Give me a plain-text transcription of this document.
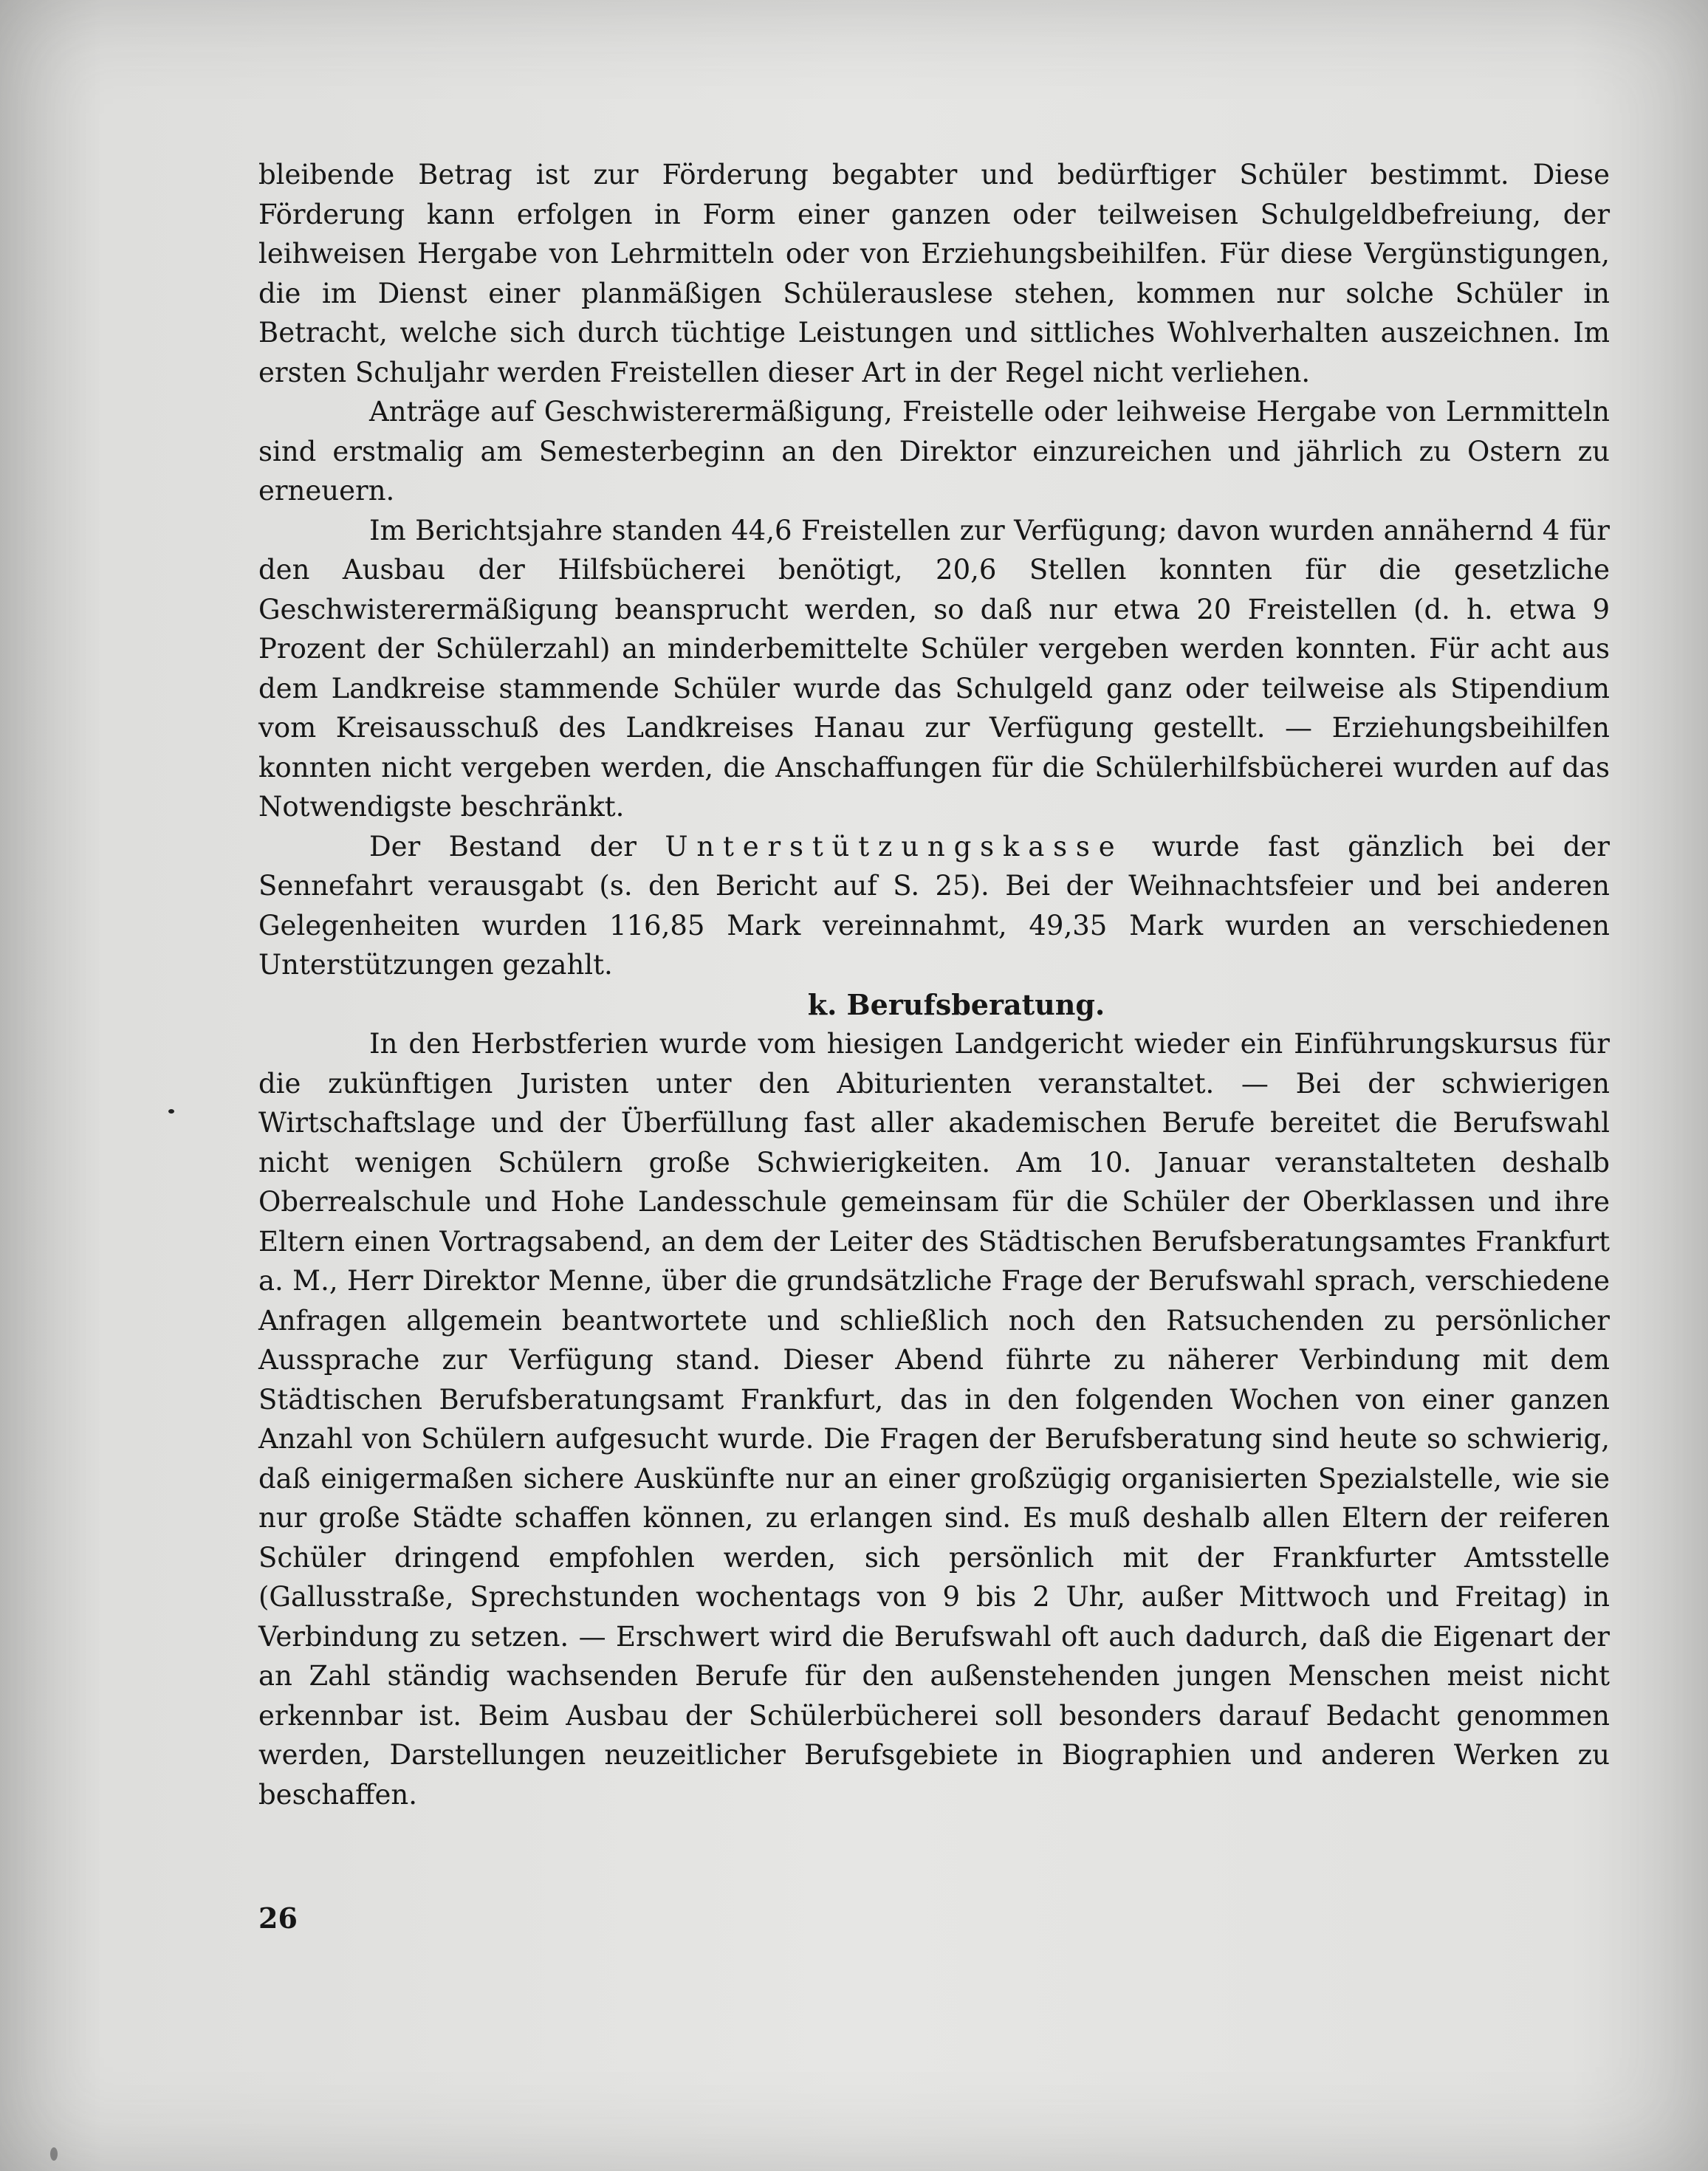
bleibende Betrag ist zur Förderung begabter und bedürftiger Schüler bestimmt. Diese Förderung kann erfolgen in Form einer ganzen oder teilweisen Schulgeldbefreiung, der leihweisen Hergabe von Lehrmitteln oder von Erziehungsbeihilfen. Für diese Vergünstigungen, die im Dienst einer planmäßigen Schülerauslese stehen, kommen nur solche Schüler in Betracht, welche sich durch tüchtige Leistungen und sittliches Wohlverhalten auszeichnen. Im ersten Schuljahr werden Freistellen dieser Art in der Regel nicht verliehen.

Anträge auf Geschwisterermäßigung, Freistelle oder leihweise Hergabe von Lernmitteln sind erstmalig am Semesterbeginn an den Direktor einzureichen und jährlich zu Ostern zu erneuern.

Im Berichtsjahre standen 44,6 Freistellen zur Verfügung; davon wurden annähernd 4 für den Ausbau der Hilfsbücherei benötigt, 20,6 Stellen konnten für die gesetzliche Geschwisterermäßigung beansprucht werden, so daß nur etwa 20 Freistellen (d. h. etwa 9 Prozent der Schülerzahl) an minderbemittelte Schüler vergeben werden konnten. Für acht aus dem Landkreise stammende Schüler wurde das Schulgeld ganz oder teilweise als Stipendium vom Kreisausschuß des Landkreises Hanau zur Verfügung gestellt. — Erziehungsbeihilfen konnten nicht vergeben werden, die Anschaffungen für die Schülerhilfsbücherei wurden auf das Notwendigste beschränkt.

Der Bestand der Unterstützungskasse wurde fast gänzlich bei der Sennefahrt verausgabt (s. den Bericht auf S. 25). Bei der Weihnachtsfeier und bei anderen Gelegenheiten wurden 116,85 Mark vereinnahmt, 49,35 Mark wurden an verschiedenen Unterstützungen gezahlt.

k. Berufsberatung.

In den Herbstferien wurde vom hiesigen Landgericht wieder ein Einführungskursus für die zukünftigen Juristen unter den Abiturienten veranstaltet. — Bei der schwierigen Wirtschaftslage und der Überfüllung fast aller akademischen Berufe bereitet die Berufswahl nicht wenigen Schülern große Schwierigkeiten. Am 10. Januar veranstalteten deshalb Oberrealschule und Hohe Landesschule gemeinsam für die Schüler der Oberklassen und ihre Eltern einen Vortragsabend, an dem der Leiter des Städtischen Berufsberatungsamtes Frankfurt a. M., Herr Direktor Menne, über die grundsätzliche Frage der Berufswahl sprach, verschiedene Anfragen allgemein beantwortete und schließlich noch den Ratsuchenden zu persönlicher Aussprache zur Verfügung stand. Dieser Abend führte zu näherer Verbindung mit dem Städtischen Berufsberatungsamt Frankfurt, das in den folgenden Wochen von einer ganzen Anzahl von Schülern aufgesucht wurde. Die Fragen der Berufsberatung sind heute so schwierig, daß einigermaßen sichere Auskünfte nur an einer großzügig organisierten Spezialstelle, wie sie nur große Städte schaffen können, zu erlangen sind. Es muß deshalb allen Eltern der reiferen Schüler dringend empfohlen werden, sich persönlich mit der Frankfurter Amtsstelle (Gallusstraße, Sprechstunden wochentags von 9 bis 2 Uhr, außer Mittwoch und Freitag) in Verbindung zu setzen. — Erschwert wird die Berufswahl oft auch dadurch, daß die Eigenart der an Zahl ständig wachsenden Berufe für den außenstehenden jungen Menschen meist nicht erkennbar ist. Beim Ausbau der Schülerbücherei soll besonders darauf Bedacht genommen werden, Darstellungen neuzeitlicher Berufsgebiete in Biographien und anderen Werken zu beschaffen.

26
